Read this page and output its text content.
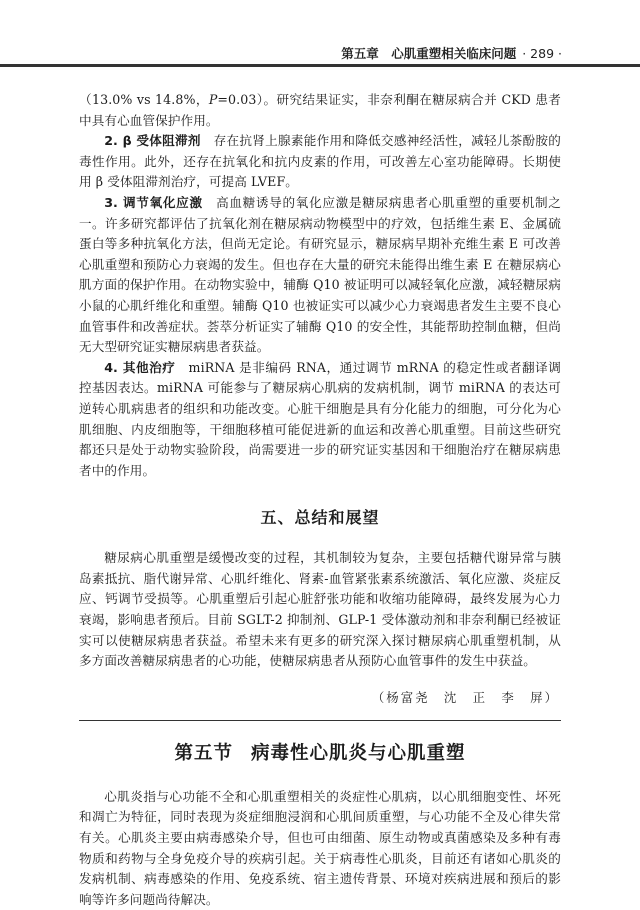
第五章　心肌重塑相关临床问题 · 289 ·

（13.0% vs 14.8%，P=0.03）。研究结果证实，非奈利酮在糖尿病合并 CKD 患者中具有心血管保护作用。

2. β 受体阻滞剂　 存在抗肾上腺素能作用和降低交感神经活性，减轻儿茶酚胺的毒性作用。此外，还存在抗氧化和抗内皮素的作用，可改善左心室功能障碍。长期使用 β 受体阻滞剂治疗，可提高 LVEF。

3. 调节氧化应激　 高血糖诱导的氧化应激是糖尿病患者心肌重塑的重要机制之一。许多研究都评估了抗氧化剂在糖尿病动物模型中的疗效，包括维生素 E、金属硫蛋白等多种抗氧化方法，但尚无定论。有研究显示，糖尿病早期补充维生素 E 可改善心肌重塑和预防心力衰竭的发生。但也存在大量的研究未能得出维生素 E 在糖尿病心肌方面的保护作用。在动物实验中，辅酶 Q10 被证明可以减轻氧化应激，减轻糖尿病小鼠的心肌纤维化和重塑。辅酶 Q10 也被证实可以减少心力衰竭患者发生主要不良心血管事件和改善症状。荟萃分析证实了辅酶 Q10 的安全性，其能帮助控制血糖，但尚无大型研究证实糖尿病患者获益。

4. 其他治疗　 miRNA 是非编码 RNA，通过调节 mRNA 的稳定性或者翻译调控基因表达。miRNA 可能参与了糖尿病心肌病的发病机制，调节 miRNA 的表达可逆转心肌病患者的组织和功能改变。心脏干细胞是具有分化能力的细胞，可分化为心肌细胞、内皮细胞等，干细胞移植可能促进新的血运和改善心肌重塑。目前这些研究都还只是处于动物实验阶段，尚需要进一步的研究证实基因和干细胞治疗在糖尿病患者中的作用。

五、总结和展望

糖尿病心肌重塑是缓慢改变的过程，其机制较为复杂，主要包括糖代谢异常与胰岛素抵抗、脂代谢异常、心肌纤维化、肾素-血管紧张素系统激活、氧化应激、炎症反应、钙调节受损等。心肌重塑后引起心脏舒张功能和收缩功能障碍，最终发展为心力衰竭，影响患者预后。目前 SGLT-2 抑制剂、GLP-1 受体激动剂和非奈利酮已经被证实可以使糖尿病患者获益。希望未来有更多的研究深入探讨糖尿病心肌重塑机制，从多方面改善糖尿病患者的心功能，使糖尿病患者从预防心血管事件的发生中获益。

（杨富尧　沈　正　李　屏）
第五节 病毒性心肌炎与心肌重塑

心肌炎指与心功能不全和心肌重塑相关的炎症性心肌病，以心肌细胞变性、坏死和凋亡为特征，同时表现为炎症细胞浸润和心肌间质重塑，与心功能不全及心律失常有关。心肌炎主要由病毒感染介导，但也可由细菌、原生动物或真菌感染及多种有毒物质和药物与全身免疫介导的疾病引起。关于病毒性心肌炎，目前还有诸如心肌炎的发病机制、病毒感染的作用、免疫系统、宿主遗传背景、环境对疾病进展和预后的影响等许多问题尚待解决。
